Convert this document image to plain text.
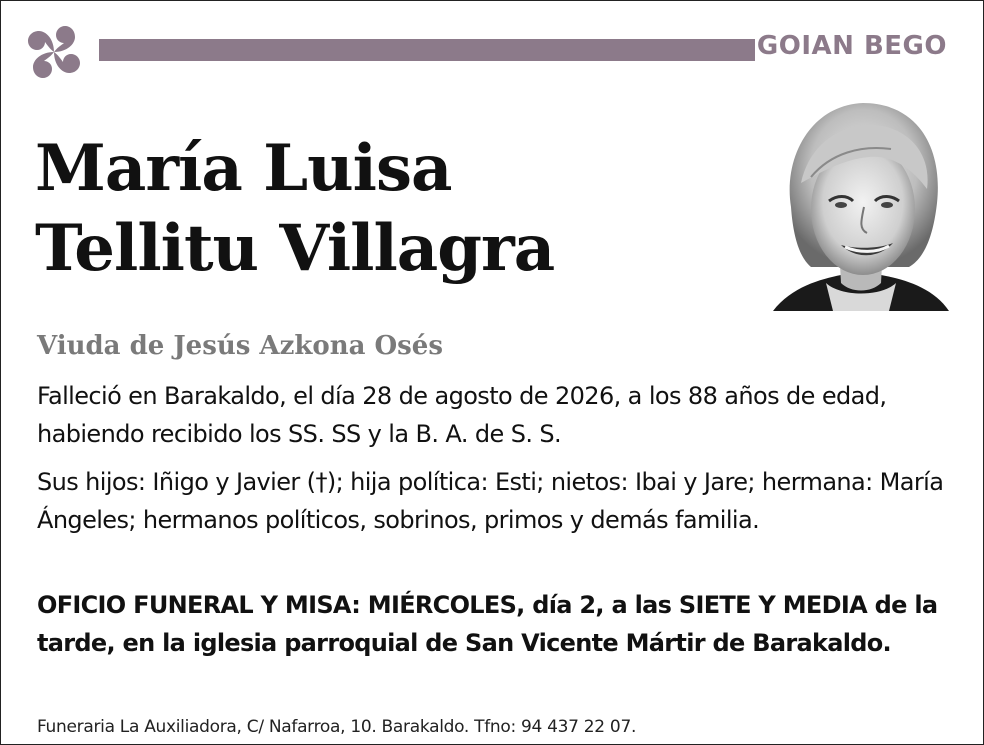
GOIAN BEGO
María Luisa
Tellitu Villagra
Viuda de Jesús Azkona Osés
Falleció en Barakaldo, el día 28 de agosto de 2026, a los 88 años de edad, habiendo recibido los SS. SS y la B. A. de S. S.
Sus hijos: Iñigo y Javier (†); hija política: Esti; nietos: Ibai y Jare; hermana: María Ángeles; hermanos políticos, sobrinos, primos y demás familia.
OFICIO FUNERAL Y MISA: MIÉRCOLES, día 2, a las SIETE Y MEDIA de la tarde, en la iglesia parroquial de San Vicente Mártir de Barakaldo.
Funeraria La Auxiliadora, C/ Nafarroa, 10. Barakaldo. Tfno: 94 437 22 07.
